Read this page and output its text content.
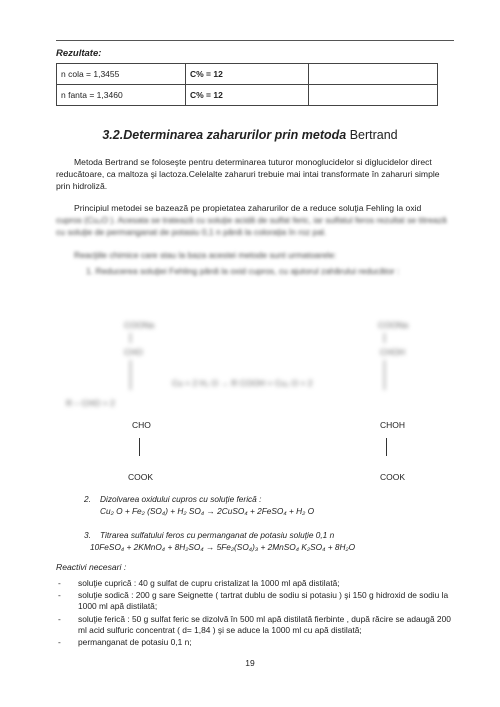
Rezultate:
n cola = 1,3455	C% = 12	
n fanta = 1,3460	C% = 12	
3.2.Determinarea zaharurilor prin metoda Bertrand
Metoda Bertrand se foloseşte pentru determinarea tuturor monoglucidelor si diglucidelor direct reducătoare, ca maltoza şi lactoza.Celelalte zaharuri trebuie mai intai transformate în zaharuri simple prin hidroliză.
Principiul metodei se bazează pe propietatea zaharurilor de a reduce soluţia Fehling la oxid
cupros (Cu₂O ). Acesata se tratează cu soluţie acidă de sulfat feric, iar sulfatul feros rezultat se titrează cu soluţie de permanganat de potasiu 0,1 n până la colorația în roz pal.
Reacţiile chimice care stau la baza acestei metode sunt urmatoarele:
1. Reducerea soluţiei Fehling până la oxid cupros, cu ajutorul zahărului reducător :
COONa	COONa
CHO	CHOH
R – CHO + 2
Cu + 2 H₂ O → R COOH + Cu₂ O + 2
CHO	CHOH
COOK	COOK
2. Dizolvarea oxidului cupros cu soluţie ferică :
Cu₂ O + Fe₂ (SO₄) + H₂ SO₄ → 2CuSO₄ + 2FeSO₄ + H₂ O
3. Titrarea sulfatului feros cu permanganat de potasiu soluţie 0,1 n
10FeSO₄ + 2KMnO₄ + 8H₂SO₄ → 5Fe₂(SO₄)₃ + 2MnSO₄ K₂SO₄ + 8H₂O
Reactivi necesari :
- soluţie cuprică : 40 g sulfat de cupru cristalizat la 1000 ml apă distilată;
- soluţie sodică : 200 g sare Seignette ( tartrat dublu de sodiu si potasiu ) şi 150 g hidroxid de sodiu la 1000 ml apă distilată;
- soluţie ferică : 50 g sulfat feric se dizolvă în 500 ml apă distilată fierbinte , după răcire se adaugă 200 ml acid sulfuric concentrat ( d= 1,84 ) şi se aduce la 1000 ml cu apă distilată;
- permanganat de potasiu 0,1 n;
19
